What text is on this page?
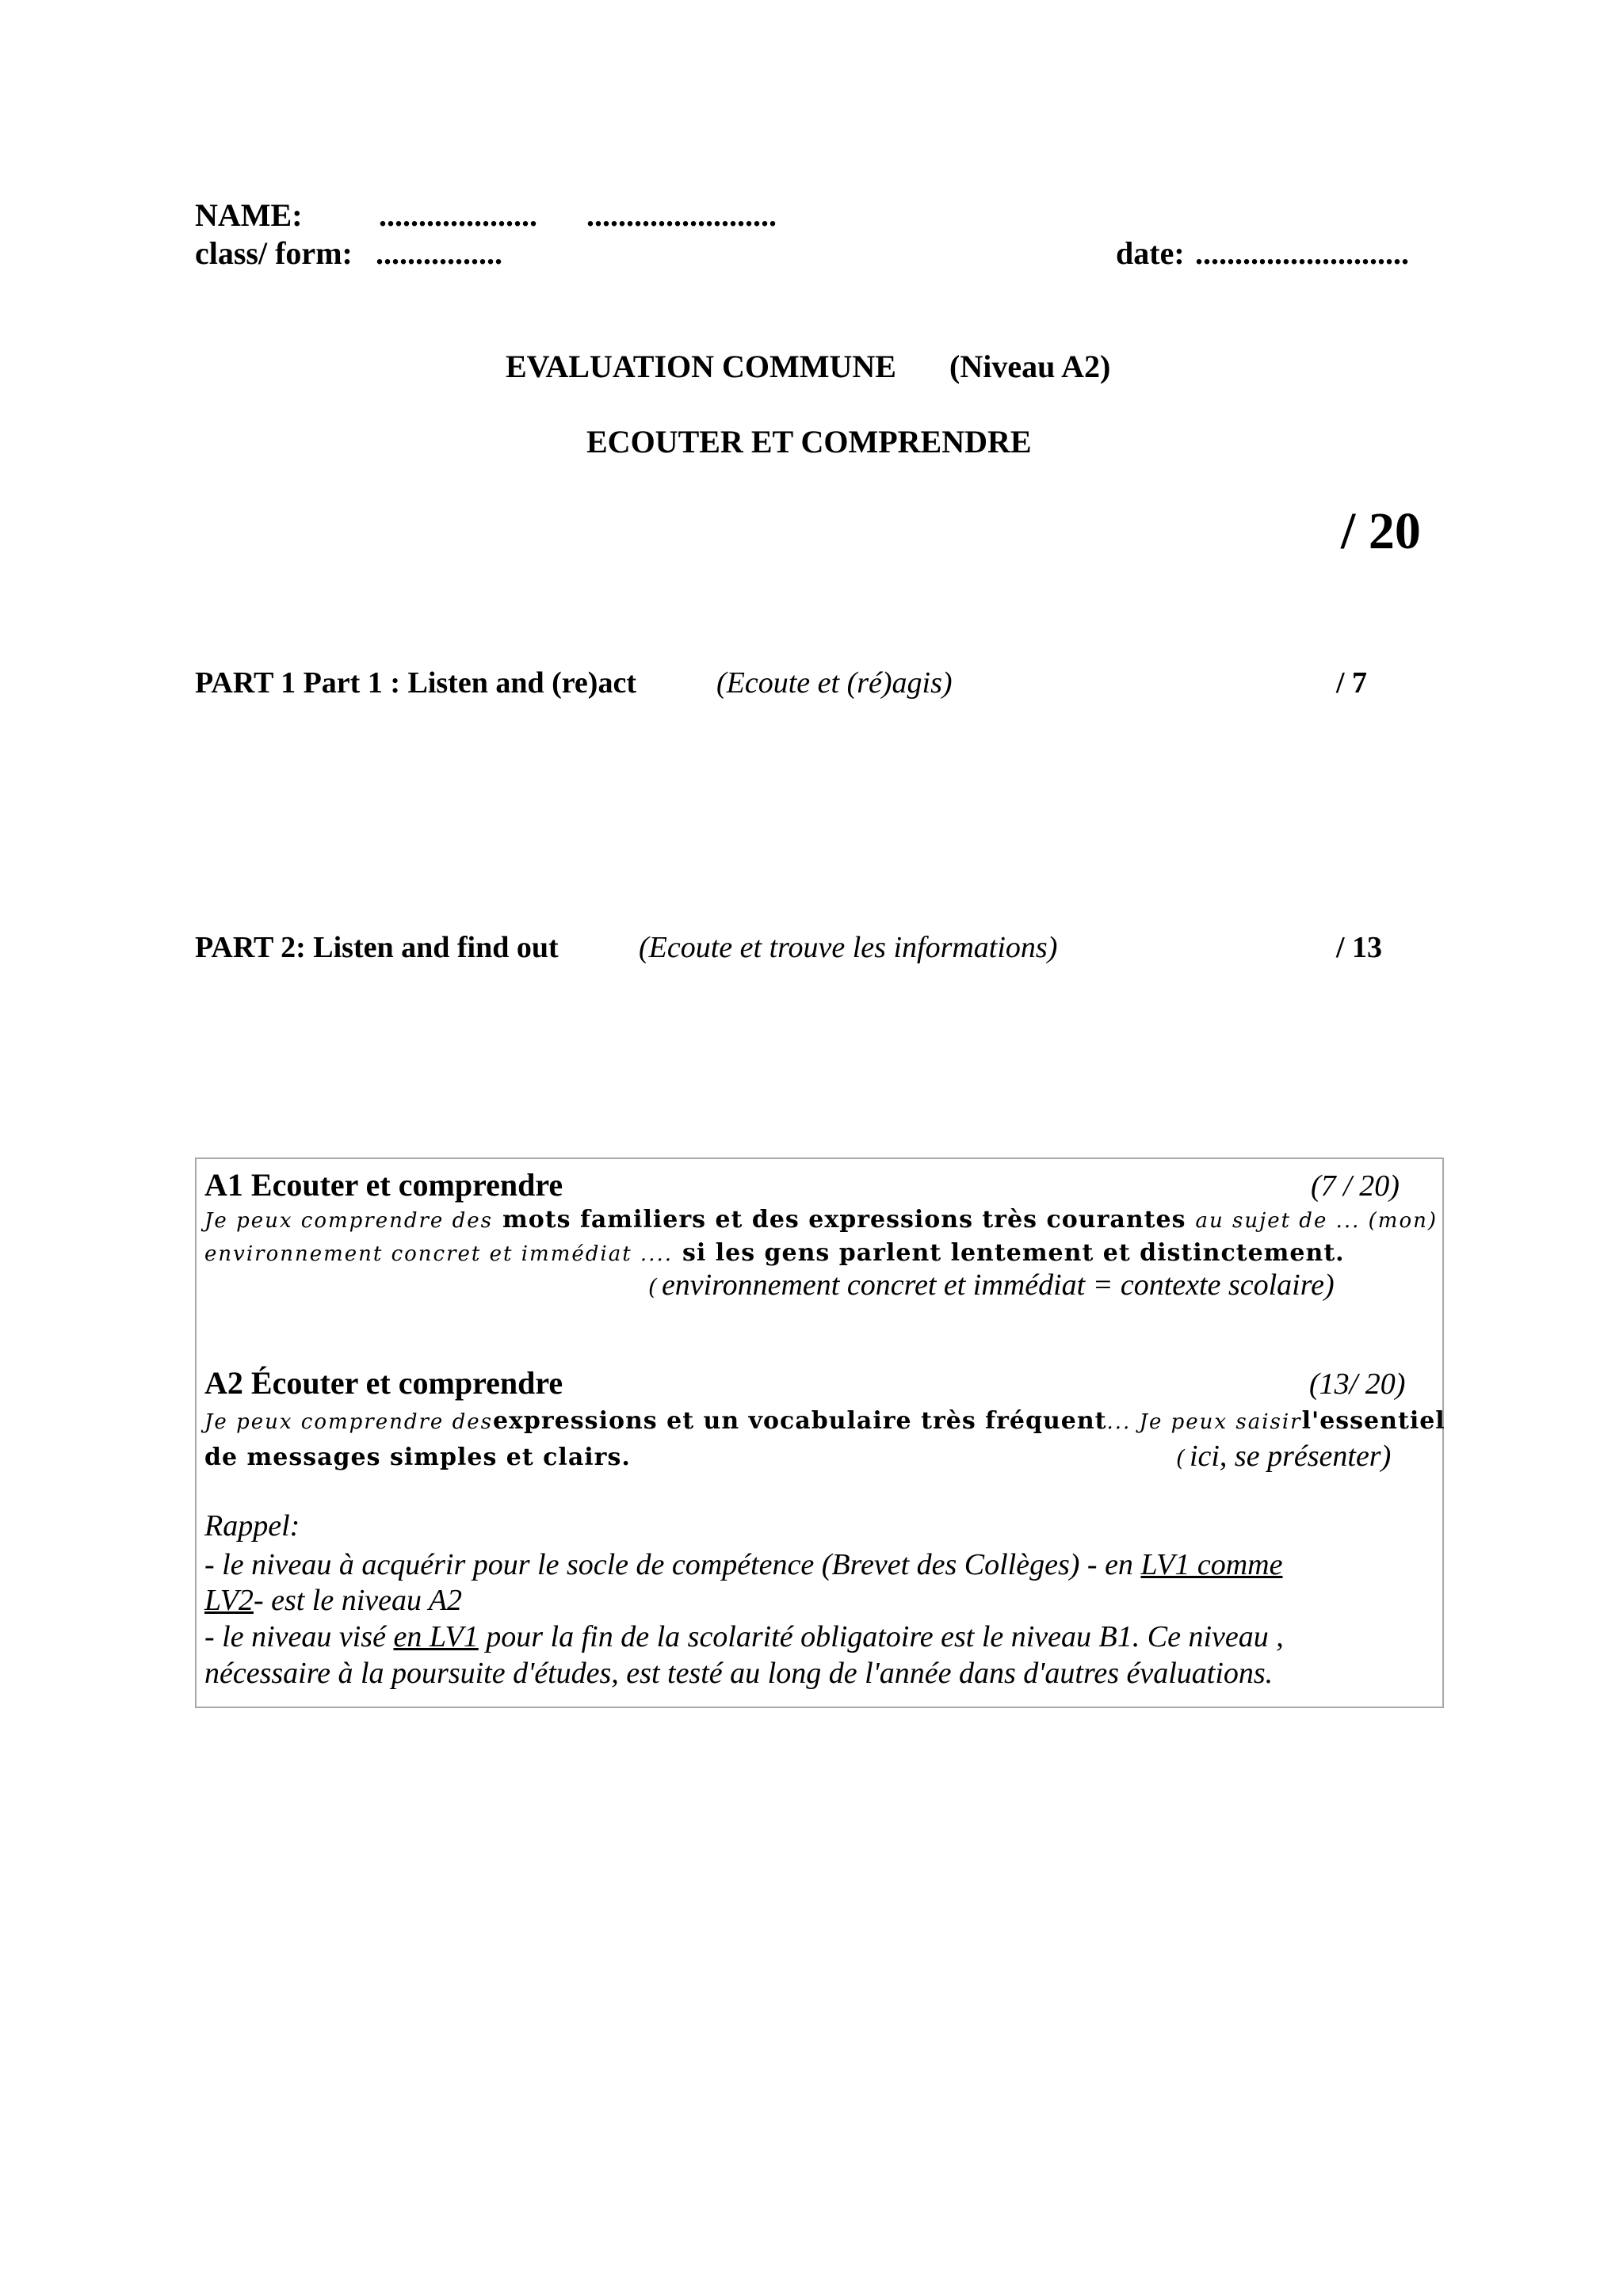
NAME: .................... ........................
class/ form: ................	date: ...........................
EVALUATION COMMUNE (Niveau A2)
ECOUTER ET COMPRENDRE
/ 20
PART 1 Part 1 : Listen and (re)act	(Ecoute et (ré)agis)	/ 7
PART 2: Listen and find out	(Ecoute et trouve les informations)	/ 13
A1 Ecouter et comprendre	(7 / 20)
Je peux comprendre des mots familiers et des expressions très courantes au sujet de ... (mon)
environnement concret et immédiat .... si les gens parlent lentement et distinctement.
( environnement concret et immédiat = contexte scolaire)
A2 Écouter et comprendre	(13/ 20)
Je peux comprendre des expressions et un vocabulaire très fréquent ... Je peux saisir l'essentiel
de messages simples et clairs.	( ici, se présenter)
Rappel:
- le niveau à acquérir pour le socle de compétence (Brevet des Collèges) - en LV1 comme
LV2- est le niveau A2
- le niveau visé en LV1 pour la fin de la scolarité obligatoire est le niveau B1. Ce niveau ,
nécessaire à la poursuite d'études, est testé au long de l'année dans d'autres évaluations.
